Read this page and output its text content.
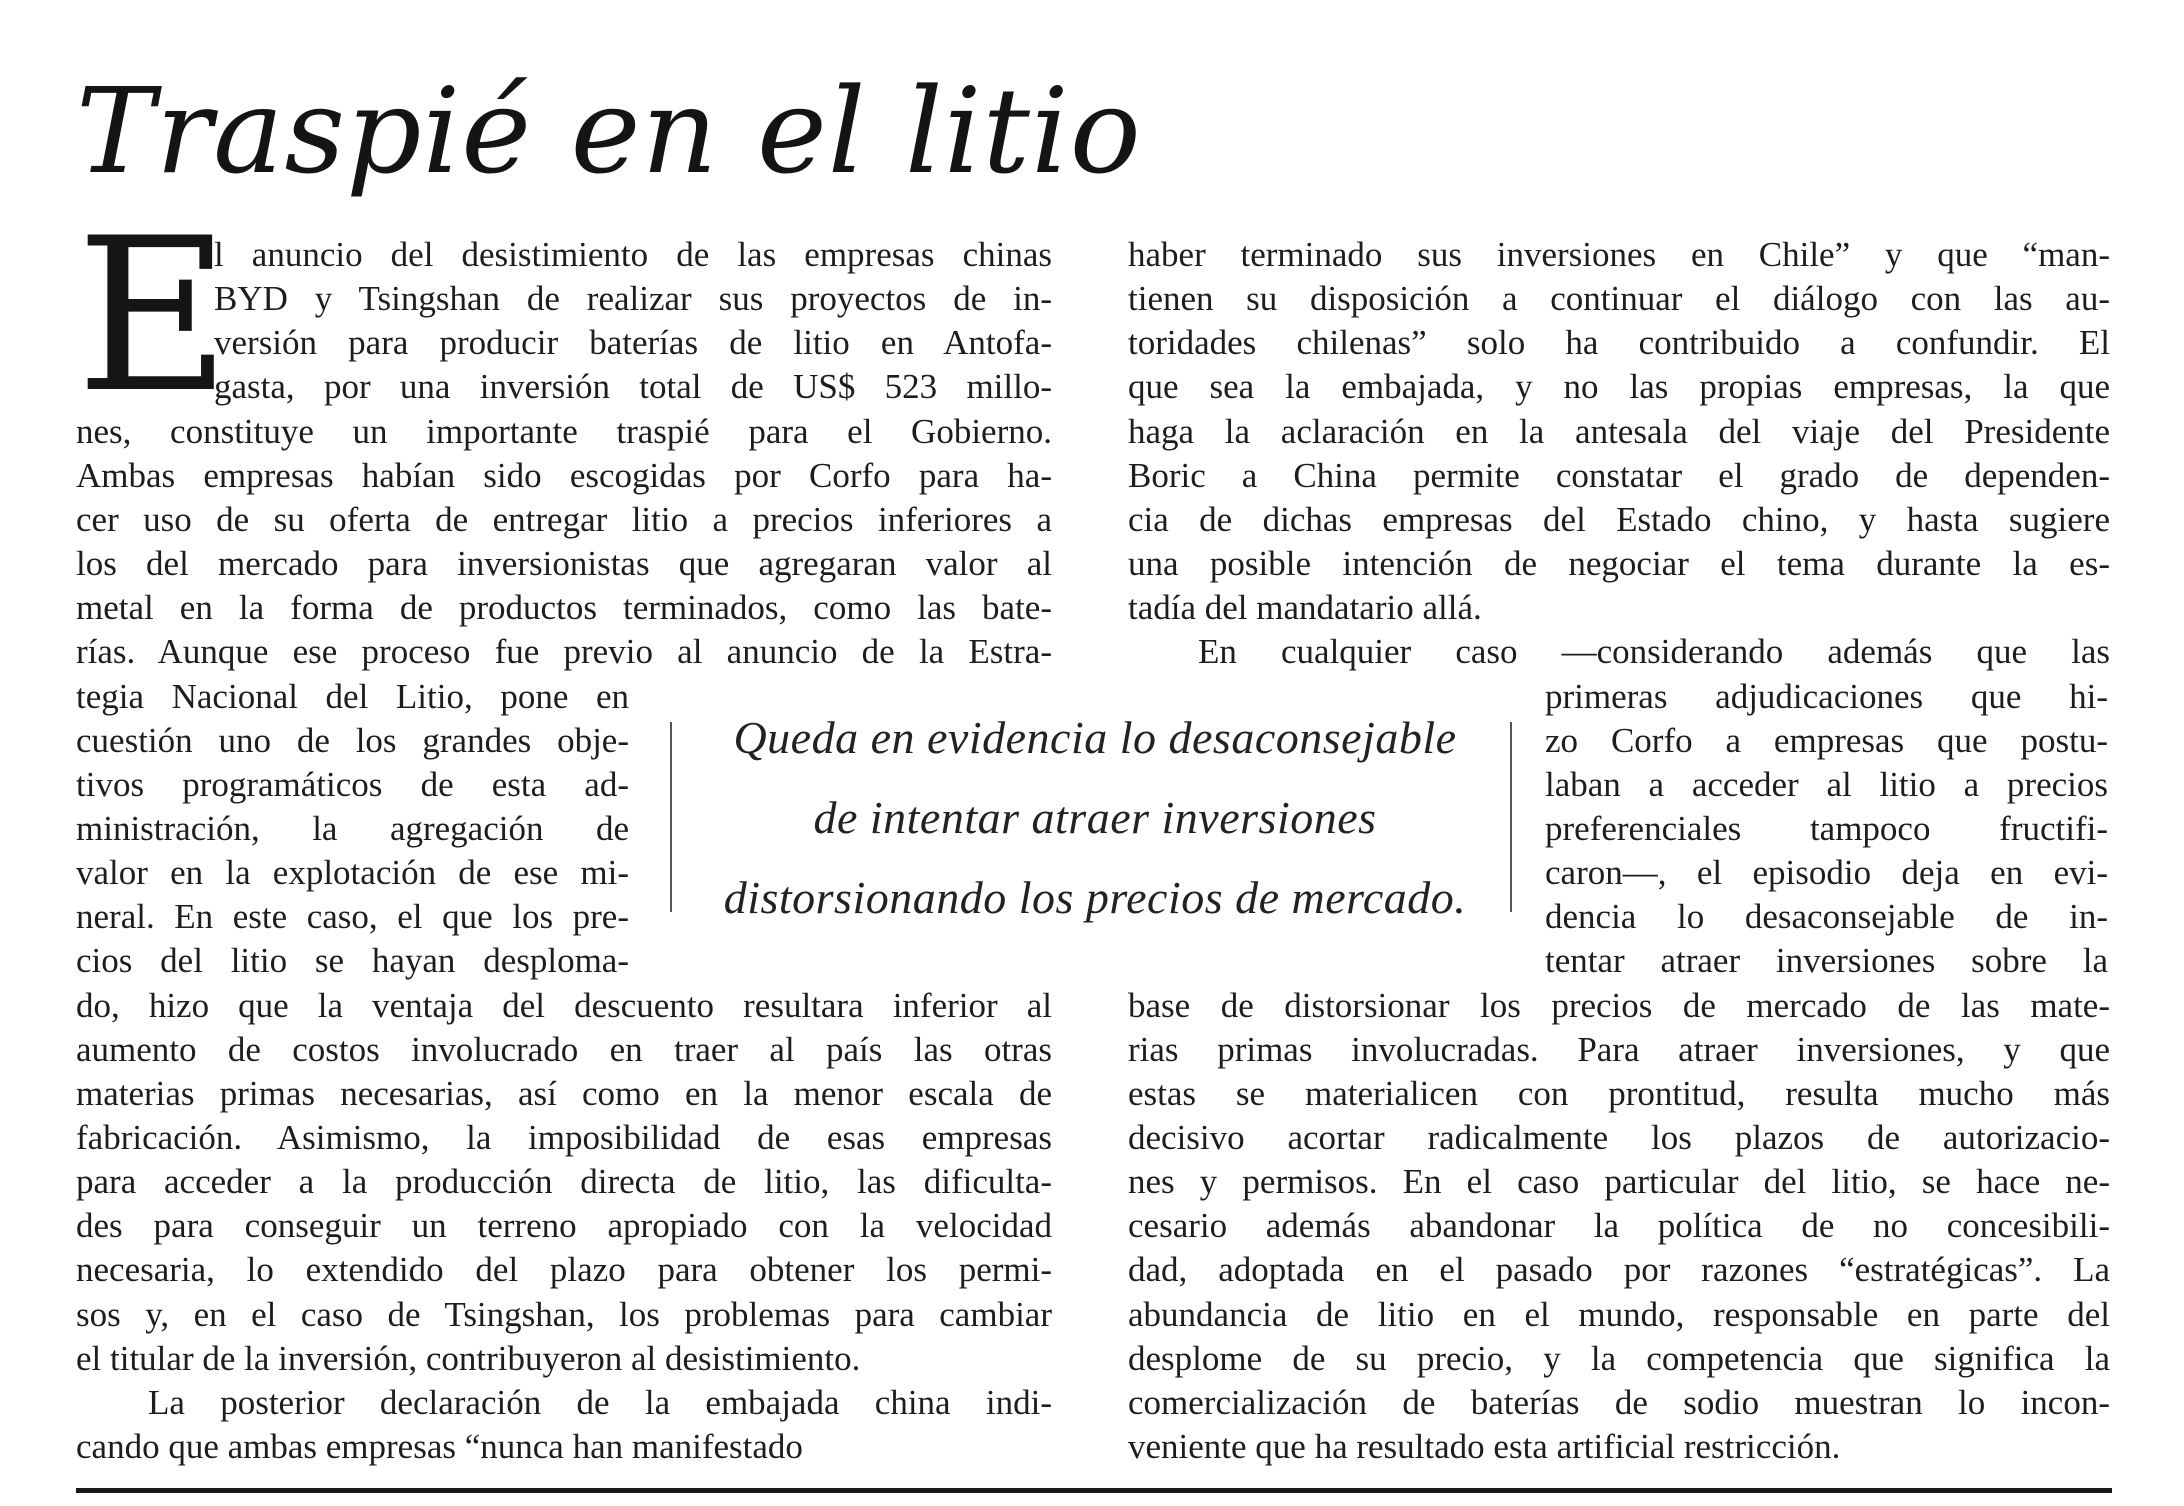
Traspié en el litio
E
l anuncio del desistimiento de las empresas chinas
BYD y Tsingshan de realizar sus proyectos de in-
versión para producir baterías de litio en Antofa-
gasta, por una inversión total de US$ 523 millo-
nes, constituye un importante traspié para el Gobierno.
Ambas empresas habían sido escogidas por Corfo para ha-
cer uso de su oferta de entregar litio a precios inferiores a
los del mercado para inversionistas que agregaran valor al
metal en la forma de productos terminados, como las bate-
rías. Aunque ese proceso fue previo al anuncio de la Estra-
tegia Nacional del Litio, pone en
cuestión uno de los grandes obje-
tivos programáticos de esta ad-
ministración, la agregación de
valor en la explotación de ese mi-
neral. En este caso, el que los pre-
cios del litio se hayan desploma-
do, hizo que la ventaja del descuento resultara inferior al
aumento de costos involucrado en traer al país las otras
materias primas necesarias, así como en la menor escala de
fabricación. Asimismo, la imposibilidad de esas empresas
para acceder a la producción directa de litio, las dificulta-
des para conseguir un terreno apropiado con la velocidad
necesaria, lo extendido del plazo para obtener los permi-
sos y, en el caso de Tsingshan, los problemas para cambiar
el titular de la inversión, contribuyeron al desistimiento.
La posterior declaración de la embajada china indi-
cando que ambas empresas “nunca han manifestado
haber terminado sus inversiones en Chile” y que “man-
tienen su disposición a continuar el diálogo con las au-
toridades chilenas” solo ha contribuido a confundir. El
que sea la embajada, y no las propias empresas, la que
haga la aclaración en la antesala del viaje del Presidente
Boric a China permite constatar el grado de dependen-
cia de dichas empresas del Estado chino, y hasta sugiere
una posible intención de negociar el tema durante la es-
tadía del mandatario allá.
En cualquier caso —considerando además que las
primeras adjudicaciones que hi-
zo Corfo a empresas que postu-
laban a acceder al litio a precios
preferenciales tampoco fructifi-
caron—, el episodio deja en evi-
dencia lo desaconsejable de in-
tentar atraer inversiones sobre la
base de distorsionar los precios de mercado de las mate-
rias primas involucradas. Para atraer inversiones, y que
estas se materialicen con prontitud, resulta mucho más
decisivo acortar radicalmente los plazos de autorizacio-
nes y permisos. En el caso particular del litio, se hace ne-
cesario además abandonar la política de no concesibili-
dad, adoptada en el pasado por razones “estratégicas”. La
abundancia de litio en el mundo, responsable en parte del
desplome de su precio, y la competencia que significa la
comercialización de baterías de sodio muestran lo incon-
veniente que ha resultado esta artificial restricción.
Queda en evidencia lo desaconsejable
de intentar atraer inversiones
distorsionando los precios de mercado.
